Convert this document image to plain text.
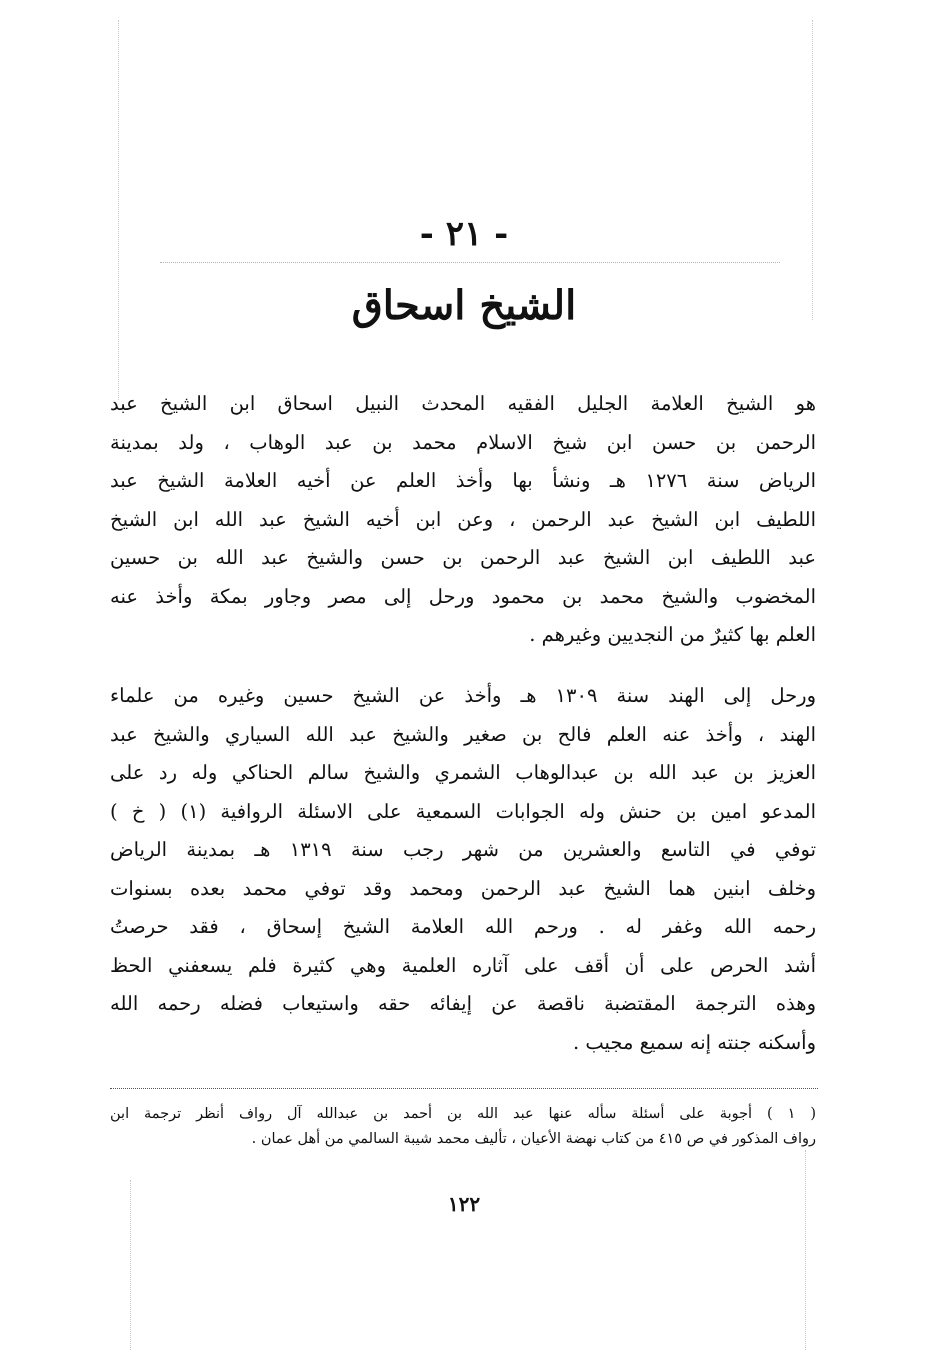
- ٢١ -
الشيخ اسحاق

هو الشيخ العلامة الجليل الفقيه المحدث النبيل اسحاق ابن الشيخ عبد

الرحمن بن حسن ابن شيخ الاسلام محمد بن عبد الوهاب ، ولد بمدينة

الرياض سنة ١٢٧٦ هـ ونشأ بها وأخذ العلم عن أخيه العلامة الشيخ عبد

اللطيف ابن الشيخ عبد الرحمن ، وعن ابن أخيه الشيخ عبد الله ابن الشيخ

عبد اللطيف ابن الشيخ عبد الرحمن بن حسن والشيخ عبد الله بن حسين

المخضوب والشيخ محمد بن محمود ورحل إلى مصر وجاور بمكة وأخذ عنه

العلم بها كثيرٌ من النجديين وغيرهم .

ورحل إلى الهند سنة ١٣٠٩ هـ وأخذ عن الشيخ حسين وغيره من علماء

الهند ، وأخذ عنه العلم فالح بن صغير والشيخ عبد الله السياري والشيخ عبد

العزيز بن عبد الله بن عبدالوهاب الشمري والشيخ سالم الحناكي وله رد على

المدعو امين بن حنش وله الجوابات السمعية على الاسئلة الروافية (١) ( خ )

توفي في التاسع والعشرين من شهر رجب سنة ١٣١٩ هـ بمدينة الرياض

وخلف ابنين هما الشيخ عبد الرحمن ومحمد وقد توفي محمد بعده بسنوات

رحمه الله وغفر له . ورحم الله العلامة الشيخ إسحاق ، فقد حرصتُ

أشد الحرص على أن أقف على آثاره العلمية وهي كثيرة فلم يسعفني الحظ

وهذه الترجمة المقتضبة ناقصة عن إيفائه حقه واستيعاب فضله رحمه الله

وأسكنه جنته إنه سميع مجيب .

( ١ ) أجوبة على أسئلة سأله عنها عبد الله بن أحمد بن عبدالله آل رواف أنظر ترجمة ابن

رواف المذكور في ص ٤١٥ من كتاب نهضة الأعيان ، تأليف محمد شيبة السالمي من أهل عمان .

١٢٢
